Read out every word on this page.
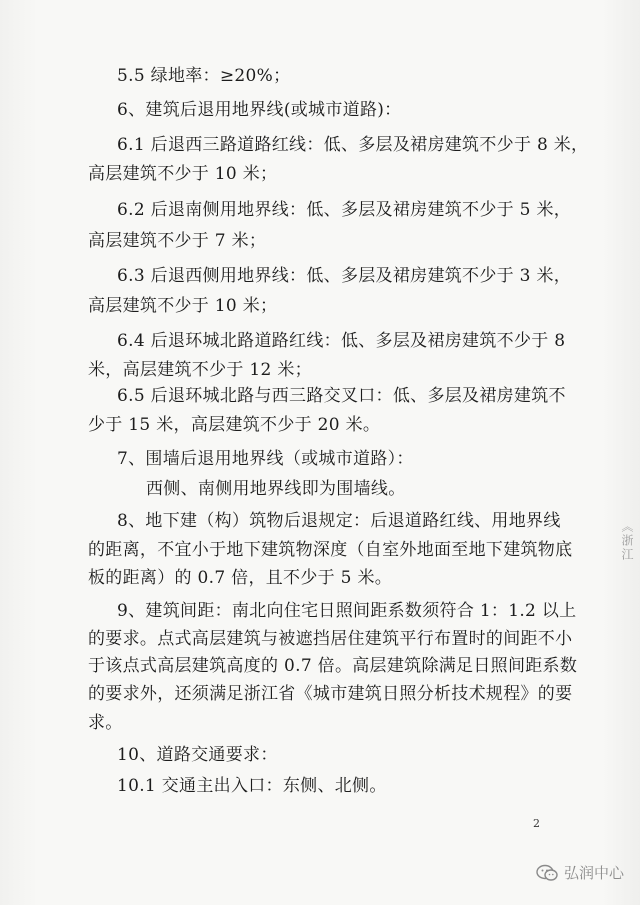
5.5 绿地率：≥20%；
6、建筑后退用地界线(或城市道路)：
6.1 后退西三路道路红线：低、多层及裙房建筑不少于 8 米，
高层建筑不少于 10 米；
6.2 后退南侧用地界线：低、多层及裙房建筑不少于 5 米，
高层建筑不少于 7 米；
6.3 后退西侧用地界线：低、多层及裙房建筑不少于 3 米，
高层建筑不少于 10 米；
6.4 后退环城北路道路红线：低、多层及裙房建筑不少于 8
米，高层建筑不少于 12 米；
6.5 后退环城北路与西三路交叉口：低、多层及裙房建筑不
少于 15 米，高层建筑不少于 20 米。
7、围墙后退用地界线（或城市道路）：
西侧、南侧用地界线即为围墙线。
8、地下建（构）筑物后退规定：后退道路红线、用地界线
的距离，不宜小于地下建筑物深度（自室外地面至地下建筑物底
板的距离）的 0.7 倍，且不少于 5 米。
9、建筑间距：南北向住宅日照间距系数须符合 1：1.2 以上
的要求。点式高层建筑与被遮挡居住建筑平行布置时的间距不小
于该点式高层建筑高度的 0.7 倍。高层建筑除满足日照间距系数
的要求外，还须满足浙江省《城市建筑日照分析技术规程》的要
求。
10、道路交通要求：
10.1 交通主出入口：东侧、北侧。
《浙江
2
弘润中心
